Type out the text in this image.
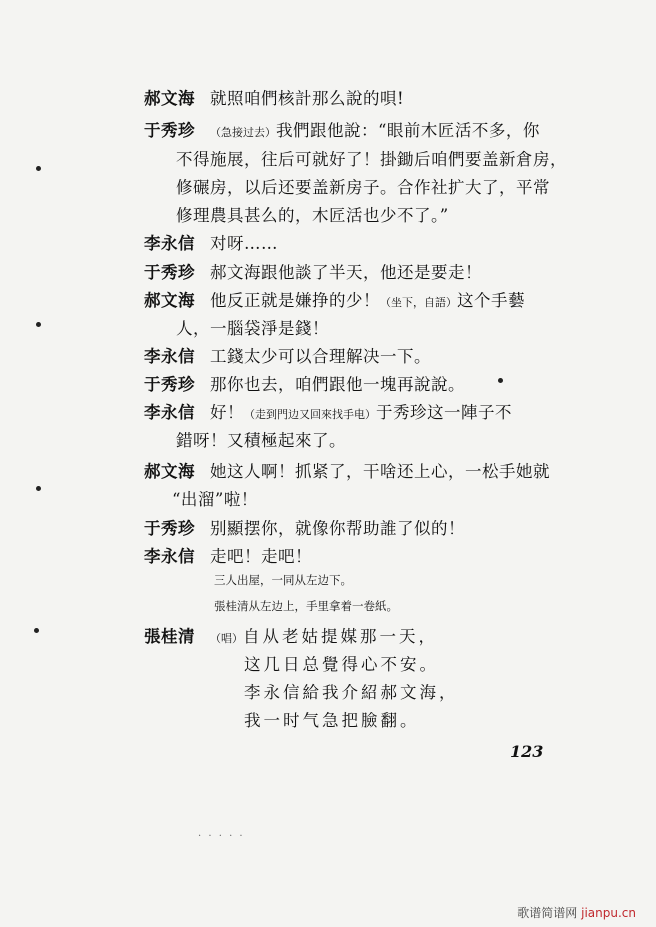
郝文海 就照咱們核計那么說的唄!
于秀珍 （急接过去）我們跟他說：“眼前木匠活不多，你
不得施展，往后可就好了！掛鋤后咱們要盖新倉房，
修碾房，以后还要盖新房子。合作社扩大了，平常
修理農具甚么的，木匠活也少不了。”
李永信 对呀……
于秀珍 郝文海跟他談了半天，他还是要走！
郝文海 他反正就是嫌挣的少！（坐下，自語）这个手藝
人，一腦袋淨是錢！
李永信 工錢太少可以合理解决一下。
于秀珍 那你也去，咱們跟他一塊再說說。
李永信 好！（走到門边又回來找手电）于秀珍这一陣子不
錯呀！又積極起來了。
郝文海 她这人啊！抓紧了，干啥还上心，一松手她就
“出溜”啦！
于秀珍 别顯摆你，就像你帮助誰了似的！
李永信 走吧！走吧！
三人出屋，一同从左边下。
張桂清从左边上，手里拿着一卷紙。
張桂清 （唱）自从老姑提媒那一天，
这几日总覺得心不安。
李永信給我介紹郝文海，
我一时气急把臉翻。
123
. . . . .
歌谱简谱网 jianpu.cn
